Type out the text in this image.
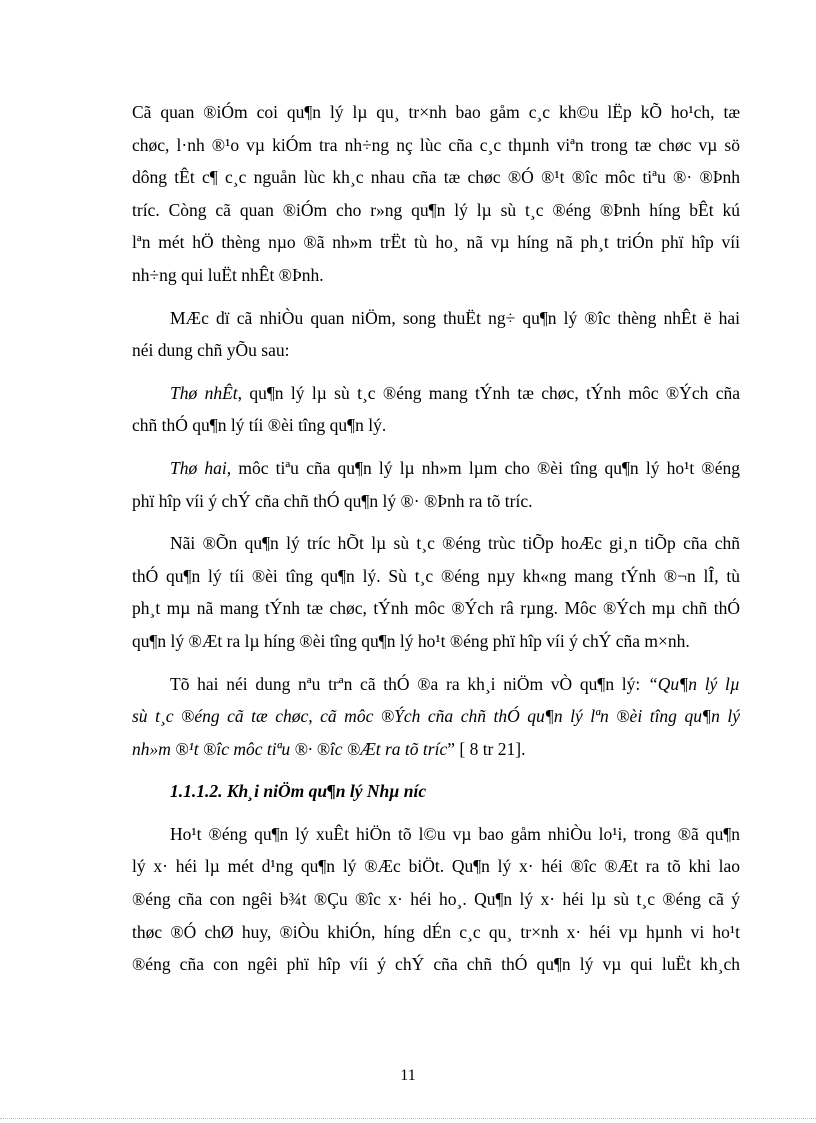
Cã quan ®iÓm coi qu¶n lý lµ qu¸ tr×nh bao gåm c¸c kh©u lËp kÕ ho¹ch, tæ
chøc, l·nh ®¹o vµ kiÓm tra nh÷ng nç lùc cña c¸c thµnh viªn trong tæ chøc vµ sö
dông tÊt c¶ c¸c nguån lùc kh¸c nhau cña tæ chøc ®Ó ®¹t ®îc môc tiªu ®· ®Þnh
tríc. Còng cã quan ®iÓm cho r»ng qu¶n lý lµ sù t¸c ®éng ®Þnh híng bÊt kú
lªn mét hÖ thèng nµo ®ã nh»m trËt tù ho¸ nã vµ híng nã ph¸t triÓn phï hîp víi
nh÷ng qui luËt nhÊt ®Þnh.
MÆc dï cã nhiÒu quan niÖm, song thuËt ng÷ qu¶n lý ®îc thèng nhÊt ë hai
néi dung chñ yÕu sau:
Thø nhÊt, qu¶n lý lµ sù t¸c ®éng mang tÝnh tæ chøc, tÝnh môc ®Ých cña
chñ thÓ qu¶n lý tíi ®èi tîng qu¶n lý.
Thø hai, môc tiªu cña qu¶n lý lµ nh»m lµm cho ®èi tîng qu¶n lý ho¹t ®éng
phï hîp víi ý chÝ cña chñ thÓ qu¶n lý ®· ®Þnh ra tõ tríc.
Nãi ®Õn qu¶n lý tríc hÕt lµ sù t¸c ®éng trùc tiÕp hoÆc gi¸n tiÕp cña chñ
thÓ qu¶n lý tíi ®èi tîng qu¶n lý. Sù t¸c ®éng nµy kh«ng mang tÝnh ®¬n lÎ, tù
ph¸t mµ nã mang tÝnh tæ chøc, tÝnh môc ®Ých râ rµng. Môc ®Ých mµ chñ thÓ
qu¶n lý ®Æt ra lµ híng ®èi tîng qu¶n lý ho¹t ®éng phï hîp víi ý chÝ cña m×nh.
Tõ hai néi dung nªu trªn cã thÓ ®a ra kh¸i niÖm vÒ qu¶n lý: “Qu¶n lý lµ
sù t¸c ®éng cã tæ chøc, cã môc ®Ých cña chñ thÓ qu¶n lý lªn ®èi tîng qu¶n lý
nh»m ®¹t ®îc môc tiªu ®· ®îc ®Æt ra tõ tríc” [ 8 tr 21].
1.1.1.2. Kh¸i niÖm qu¶n lý Nhµ níc
Ho¹t ®éng qu¶n lý xuÊt hiÖn tõ l©u vµ bao gåm nhiÒu lo¹i, trong ®ã qu¶n
lý x· héi lµ mét d¹ng qu¶n lý ®Æc biÖt. Qu¶n lý x· héi ®îc ®Æt ra tõ khi lao
®éng cña con ngêi b¾t ®Çu ®îc x· héi ho¸. Qu¶n lý x· héi lµ sù t¸c ®éng cã ý
thøc ®Ó chØ huy, ®iÒu khiÓn, híng dÉn c¸c qu¸ tr×nh x· héi vµ hµnh vi ho¹t
®éng cña con ngêi phï hîp víi ý chÝ cña chñ thÓ qu¶n lý vµ qui luËt kh¸ch
11
